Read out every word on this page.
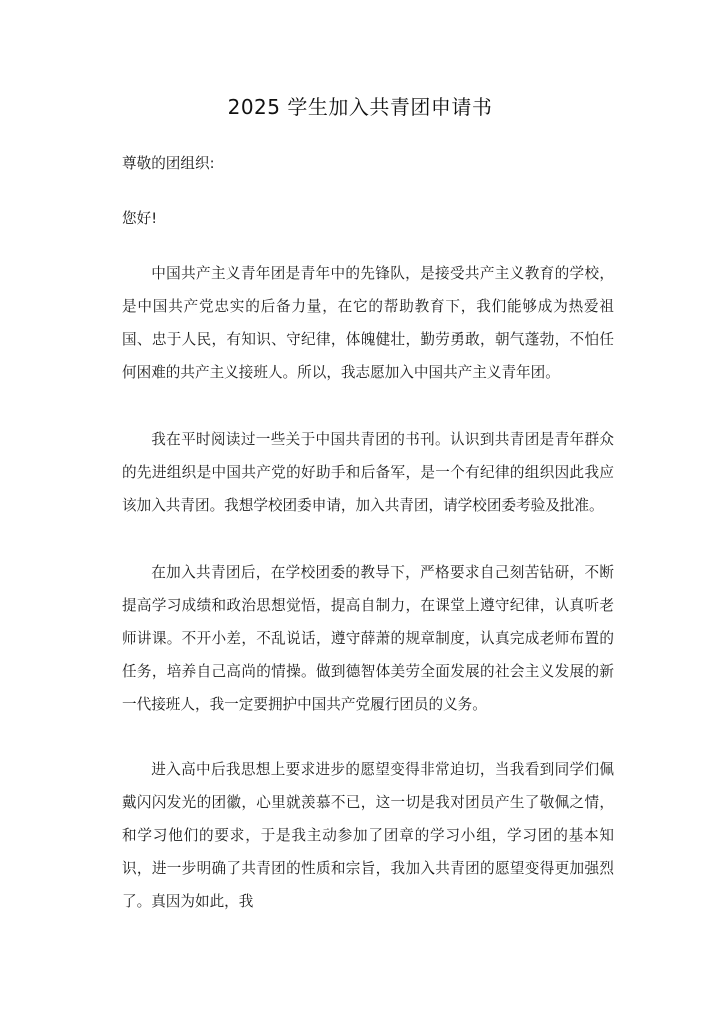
2025 学生加入共青团申请书

尊敬的团组织:

您好!

中国共产主义青年团是青年中的先锋队，是接受共产主义教育的学校，是中国共产党忠实的后备力量，在它的帮助教育下，我们能够成为热爱祖国、忠于人民，有知识、守纪律，体魄健壮，勤劳勇敢，朝气蓬勃，不怕任何困难的共产主义接班人。所以，我志愿加入中国共产主义青年团。

我在平时阅读过一些关于中国共青团的书刊。认识到共青团是青年群众的先进组织是中国共产党的好助手和后备军，是一个有纪律的组织因此我应该加入共青团。我想学校团委申请，加入共青团，请学校团委考验及批准。

在加入共青团后，在学校团委的教导下，严格要求自己刻苦钻研，不断提高学习成绩和政治思想觉悟，提高自制力，在课堂上遵守纪律，认真听老师讲课。不开小差，不乱说话，遵守薛萧的规章制度，认真完成老师布置的任务，培养自己高尚的情操。做到德智体美劳全面发展的社会主义发展的新一代接班人，我一定要拥护中国共产党履行团员的义务。

进入高中后我思想上要求进步的愿望变得非常迫切，当我看到同学们佩戴闪闪发光的团徽，心里就羡慕不已，这一切是我对团员产生了敬佩之情，和学习他们的要求，于是我主动参加了团章的学习小组，学习团的基本知识，进一步明确了共青团的性质和宗旨，我加入共青团的愿望变得更加强烈了。真因为如此，我
